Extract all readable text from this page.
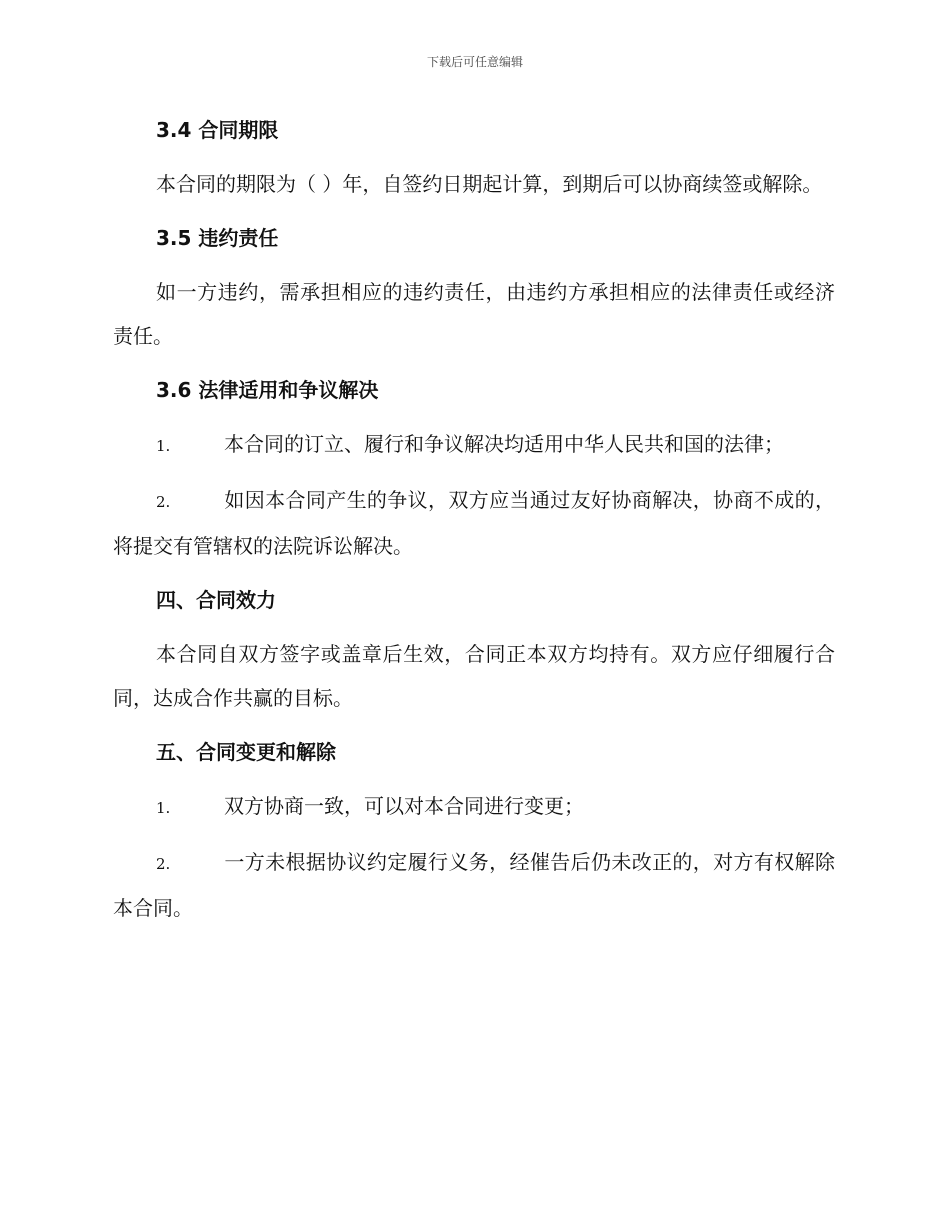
下载后可任意编辑
3.4 合同期限

本合同的期限为（ ）年，自签约日期起计算，到期后可以协商续签或解除。

3.5 违约责任

如一方违约，需承担相应的违约责任，由违约方承担相应的法律责任或经济责任。

3.6 法律适用和争议解决

1.	本合同的订立、履行和争议解决均适用中华人民共和国的法律；

2.	如因本合同产生的争议，双方应当通过友好协商解决，协商不成的，将提交有管辖权的法院诉讼解决。

四、合同效力

本合同自双方签字或盖章后生效，合同正本双方均持有。双方应仔细履行合同，达成合作共赢的目标。

五、合同变更和解除

1.	双方协商一致，可以对本合同进行变更；

2.	一方未根据协议约定履行义务，经催告后仍未改正的，对方有权解除本合同。
